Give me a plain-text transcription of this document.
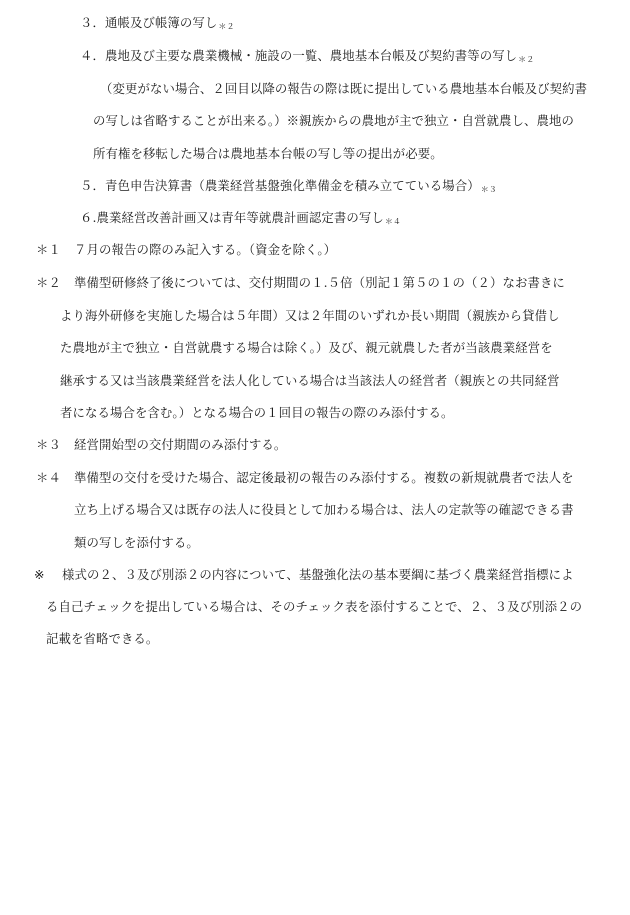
３．通帳及び帳簿の写し$_{*2}$
４．農地及び主要な農業機械・施設の一覧、農地基本台帳及び契約書等の写し$_{*2}$
（変更がない場合、２回目以降の報告の際は既に提出している農地基本台帳及び契約書
の写しは省略することが出来る。）※親族からの農地が主で独立・自営就農し、農地の
所有権を移転した場合は農地基本台帳の写し等の提出が必要。
５．青色申告決算書（農業経営基盤強化準備金を積み立てている場合）$_{*3}$
６.農業経営改善計画又は青年等就農計画認定書の写し$_{*4}$
＊１ ７月の報告の際のみ記入する。（資金を除く。）
＊２ 準備型研修終了後については、交付期間の１.５倍（別記１第５の１の（２）なお書きに
より海外研修を実施した場合は５年間）又は２年間のいずれか長い期間（親族から貸借し
た農地が主で独立・自営就農する場合は除く。）及び、親元就農した者が当該農業経営を
継承する又は当該農業経営を法人化している場合は当該法人の経営者（親族との共同経営
者になる場合を含む。）となる場合の１回目の報告の際のみ添付する。
＊３ 経営開始型の交付期間のみ添付する。
＊４ 準備型の交付を受けた場合、認定後最初の報告のみ添付する。複数の新規就農者で法人を
立ち上げる場合又は既存の法人に役員として加わる場合は、法人の定款等の確認できる書
類の写しを添付する。
※ 様式の２、３及び別添２の内容について、基盤強化法の基本要綱に基づく農業経営指標によ
る自己チェックを提出している場合は、そのチェック表を添付することで、２、３及び別添２の
記載を省略できる。
